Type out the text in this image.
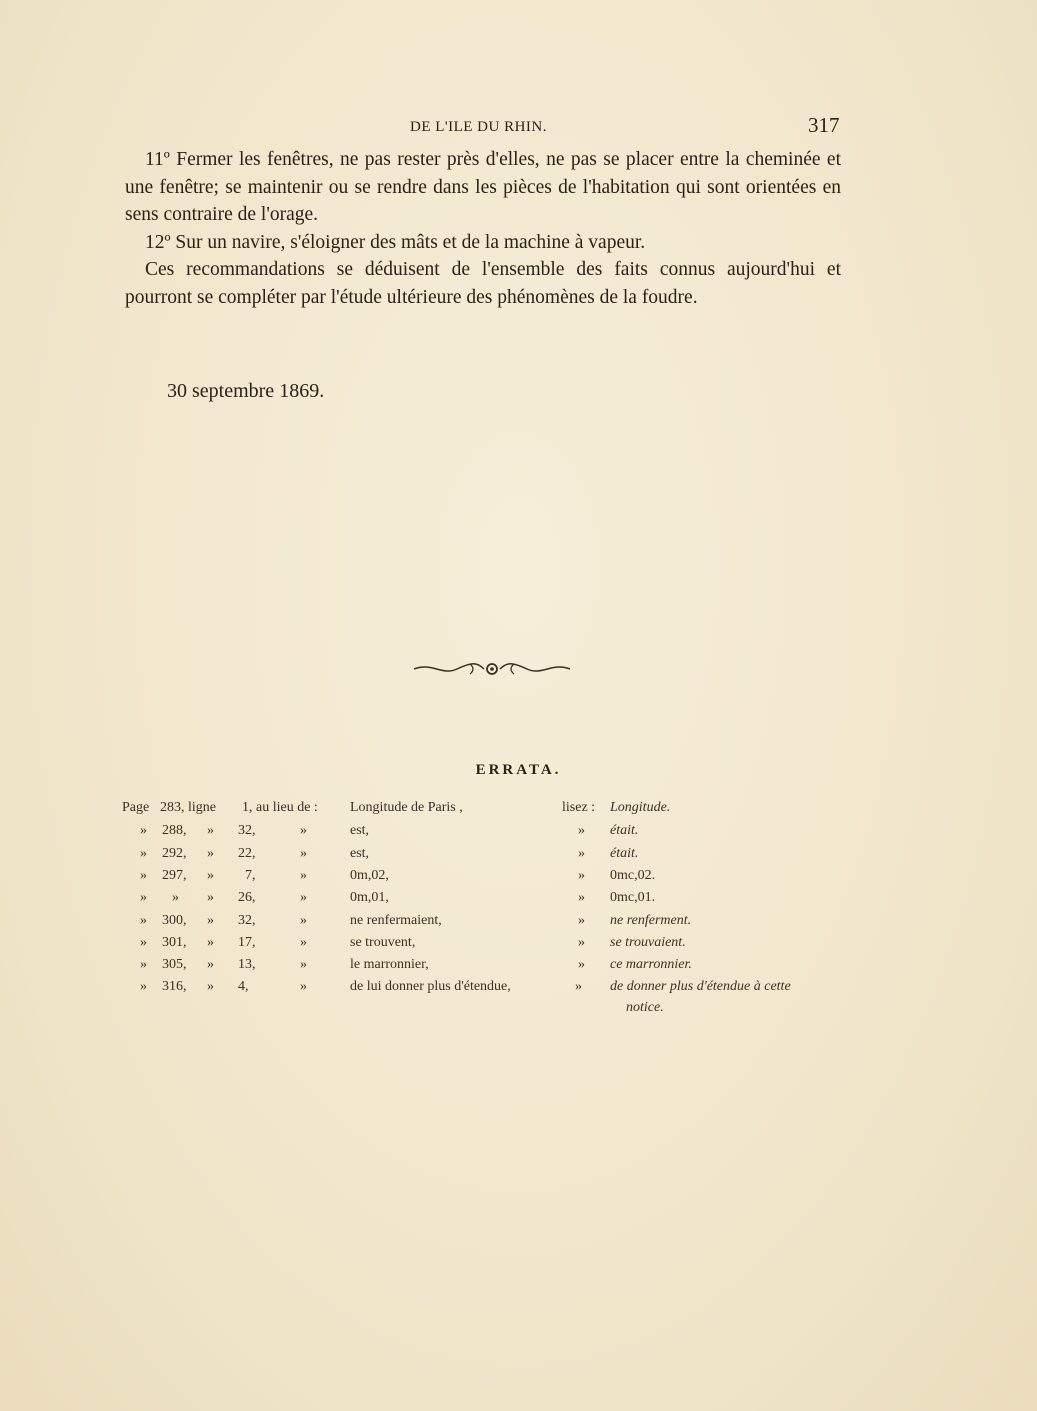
DE L'ILE DU RHIN.	317

11º Fermer les fenêtres, ne pas rester près d'elles, ne pas se placer entre la cheminée et une fenêtre; se maintenir ou se rendre dans les pièces de l'habitation qui sont orientées en sens contraire de l'orage.

12º Sur un navire, s'éloigner des mâts et de la machine à vapeur.

Ces recommandations se déduisent de l'ensemble des faits connus aujourd'hui et pourront se compléter par l'étude ultérieure des phénomènes de la foudre.

30 septembre 1869.
ERRATA.
Page 283, ligne 1, au lieu de : Longitude de Paris ,	lisez : Longitude.
» 288, » 32,	»	est,	» était.
» 292, » 22,	»	est,	» était.
» 297, » 7,	»	0m,02,	» 0mc,02.
» » » 26,	»	0m,01,	» 0mc,01.
» 300, » 32,	»	ne renfermaient,	» ne renferment.
» 301, » 17,	»	se trouvent,	» se trouvaient.
» 305, » 13,	»	le marronnier,	» ce marronnier.
» 316, » 4,	»	de lui donner plus d'étendue,	» de donner plus d'étendue à cette
notice.
